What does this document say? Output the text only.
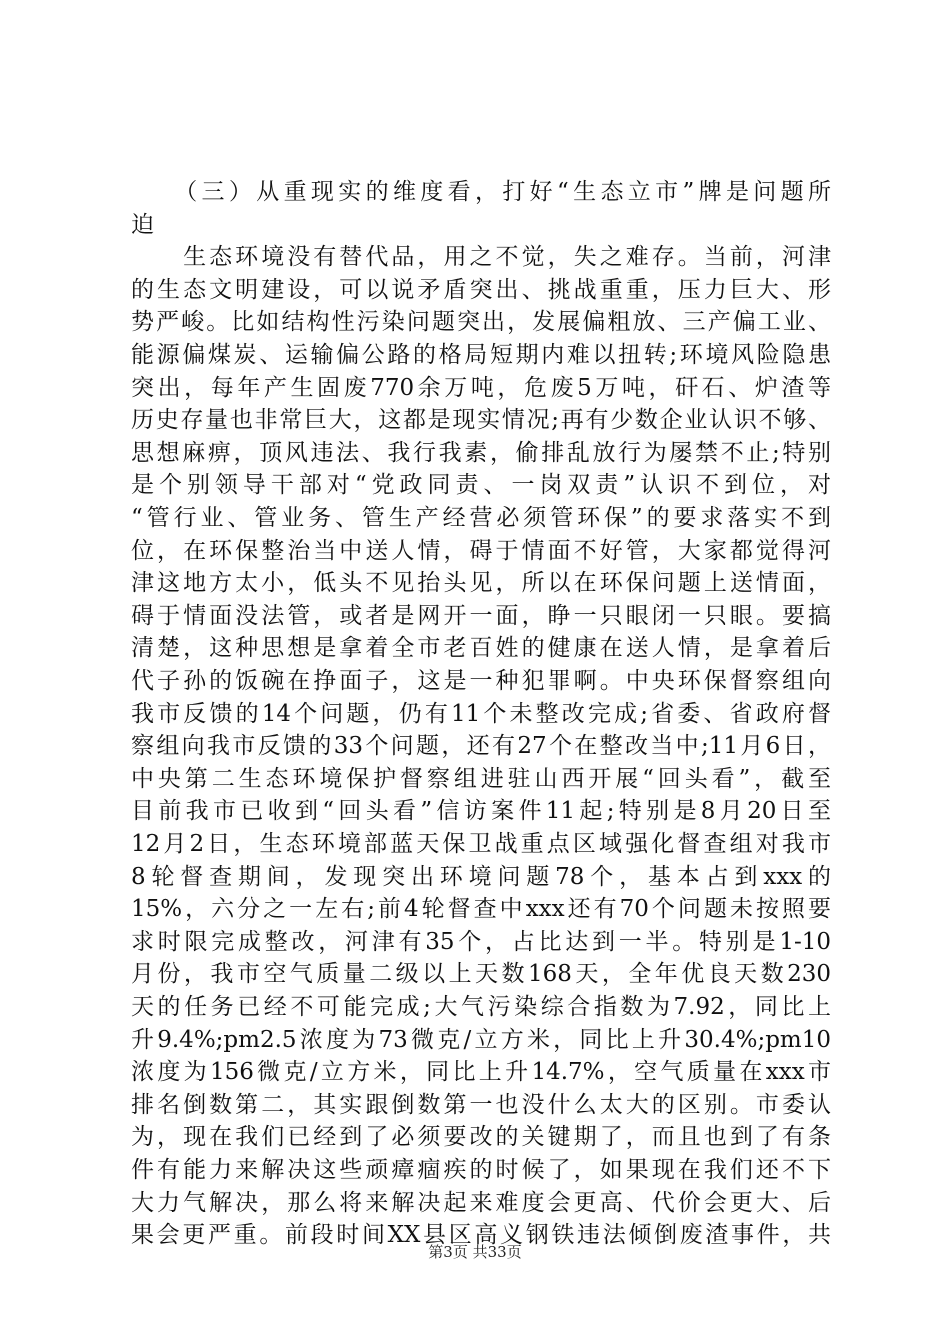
　　（三）从重现实的维度看，打好“生态立市”牌是问题所
迫
　　生态环境没有替代品，用之不觉，失之难存。当前，河津
的生态文明建设，可以说矛盾突出、挑战重重，压力巨大、形
势严峻。比如结构性污染问题突出，发展偏粗放、三产偏工业、
能源偏煤炭、运输偏公路的格局短期内难以扭转;环境风险隐患
突出，每年产生固废770余万吨，危废5万吨，矸石、炉渣等
历史存量也非常巨大，这都是现实情况;再有少数企业认识不够、
思想麻痹，顶风违法、我行我素，偷排乱放行为屡禁不止;特别
是个别领导干部对“党政同责、一岗双责”认识不到位，对
“管行业、管业务、管生产经营必须管环保”的要求落实不到
位，在环保整治当中送人情，碍于情面不好管，大家都觉得河
津这地方太小，低头不见抬头见，所以在环保问题上送情面，
碍于情面没法管，或者是网开一面，睁一只眼闭一只眼。要搞
清楚，这种思想是拿着全市老百姓的健康在送人情，是拿着后
代子孙的饭碗在挣面子，这是一种犯罪啊。中央环保督察组向
我市反馈的14个问题，仍有11个未整改完成;省委、省政府督
察组向我市反馈的33个问题，还有27个在整改当中;11月6日，
中央第二生态环境保护督察组进驻山西开展“回头看”，截至
目前我市已收到“回头看”信访案件11起;特别是8月20日至
12月2日，生态环境部蓝天保卫战重点区域强化督查组对我市
8轮督查期间，发现突出环境问题78个，基本占到xxx的
15%，六分之一左右;前4轮督查中xxx还有70个问题未按照要
求时限完成整改，河津有35个，占比达到一半。特别是1-10
月份，我市空气质量二级以上天数168天，全年优良天数230
天的任务已经不可能完成;大气污染综合指数为7.92，同比上
升9.4%;pm2.5浓度为73微克/立方米，同比上升30.4%;pm10
浓度为156微克/立方米，同比上升14.7%，空气质量在xxx市
排名倒数第二，其实跟倒数第一也没什么太大的区别。市委认
为，现在我们已经到了必须要改的关键期了，而且也到了有条
件有能力来解决这些顽瘴痼疾的时候了，如果现在我们还不下
大力气解决，那么将来解决起来难度会更高、代价会更大、后
果会更严重。前段时间XX县区高义钢铁违法倾倒废渣事件，共
第3页 共33页
